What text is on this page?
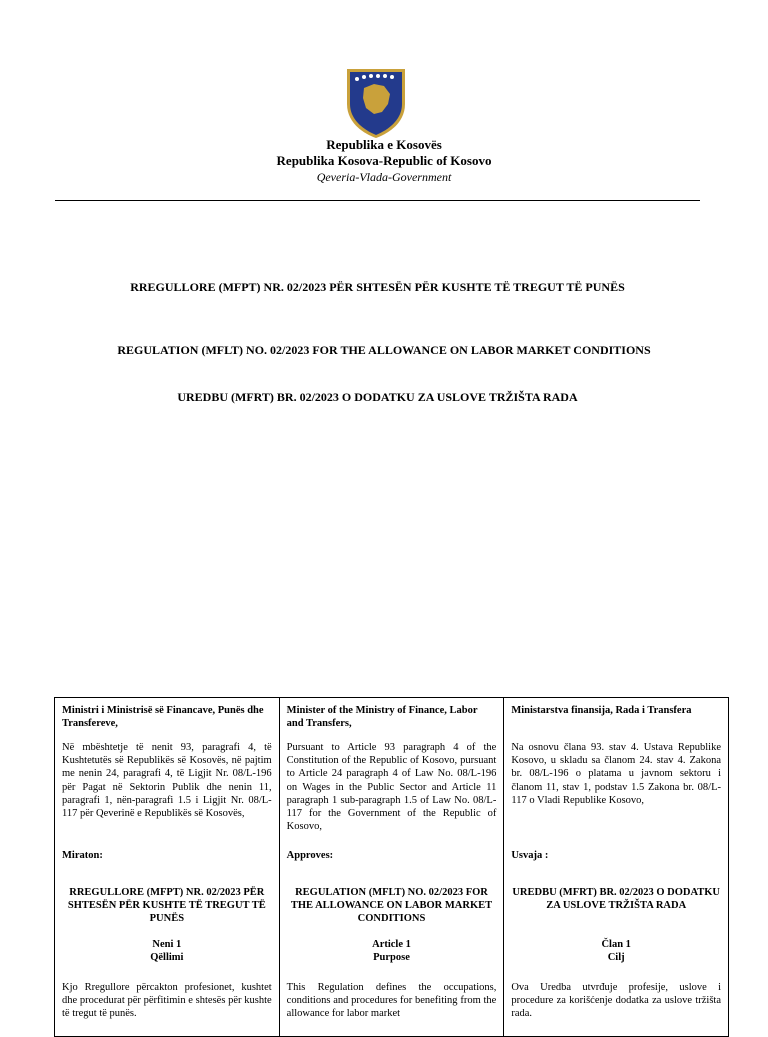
Republika e Kosovës
Republika Kosova-Republic of Kosovo
Qeveria-Vlada-Government
RREGULLORE (MFPT) NR. 02/2023 PËR SHTESËN PËR KUSHTE TË TREGUT TË PUNËS
REGULATION (MFLT) NO. 02/2023 FOR THE ALLOWANCE ON LABOR MARKET CONDITIONS
UREDBU (MFRT) BR. 02/2023 O DODATKU ZA USLOVE TRŽIŠTA RADA
Ministri i Ministrisë së Financave, Punës dhe Transfereve,
Në mbështetje të nenit 93, paragrafi 4, të Kushtetutës së Republikës së Kosovës, në pajtim me nenin 24, paragrafi 4, të Ligjit Nr. 08/L-196 për Pagat në Sektorin Publik dhe nenin 11, paragrafi 1, nën-paragrafi 1.5 i Ligjit Nr. 08/L-117 për Qeverinë e Republikës së Kosovës,
Miraton:
RREGULLORE (MFPT) NR. 02/2023 PËR SHTESËN PËR KUSHTE TË TREGUT TË PUNËS
Neni 1
Qëllimi
Kjo Rregullore përcakton profesionet, kushtet dhe procedurat për përfitimin e shtesës për kushte të tregut të punës.
Minister of the Ministry of Finance, Labor and Transfers,
Pursuant to Article 93 paragraph 4 of the Constitution of the Republic of Kosovo, pursuant to Article 24 paragraph 4 of Law No. 08/L-196 on Wages in the Public Sector and Article 11 paragraph 1 sub-paragraph 1.5 of Law No. 08/L-117 for the Government of the Republic of Kosovo,
Approves:
REGULATION (MFLT) NO. 02/2023 FOR THE ALLOWANCE ON LABOR MARKET CONDITIONS
Article 1
Purpose
This Regulation defines the occupations, conditions and procedures for benefiting from the allowance for labor market
Ministarstva finansija, Rada i Transfera
Na osnovu člana 93. stav 4. Ustava Republike Kosovo, u skladu sa članom 24. stav 4. Zakona br. 08/L-196 o platama u javnom sektoru i članom 11, stav 1, podstav 1.5 Zakona br. 08/L-117 o Vladi Republike Kosovo,
Usvaja :
UREDBU (MFRT) BR. 02/2023 O DODATKU ZA USLOVE TRŽIŠTA RADA
Član 1
Cilj
Ova Uredba utvrđuje profesije, uslove i procedure za korišćenje dodatka za uslove tržišta rada.
